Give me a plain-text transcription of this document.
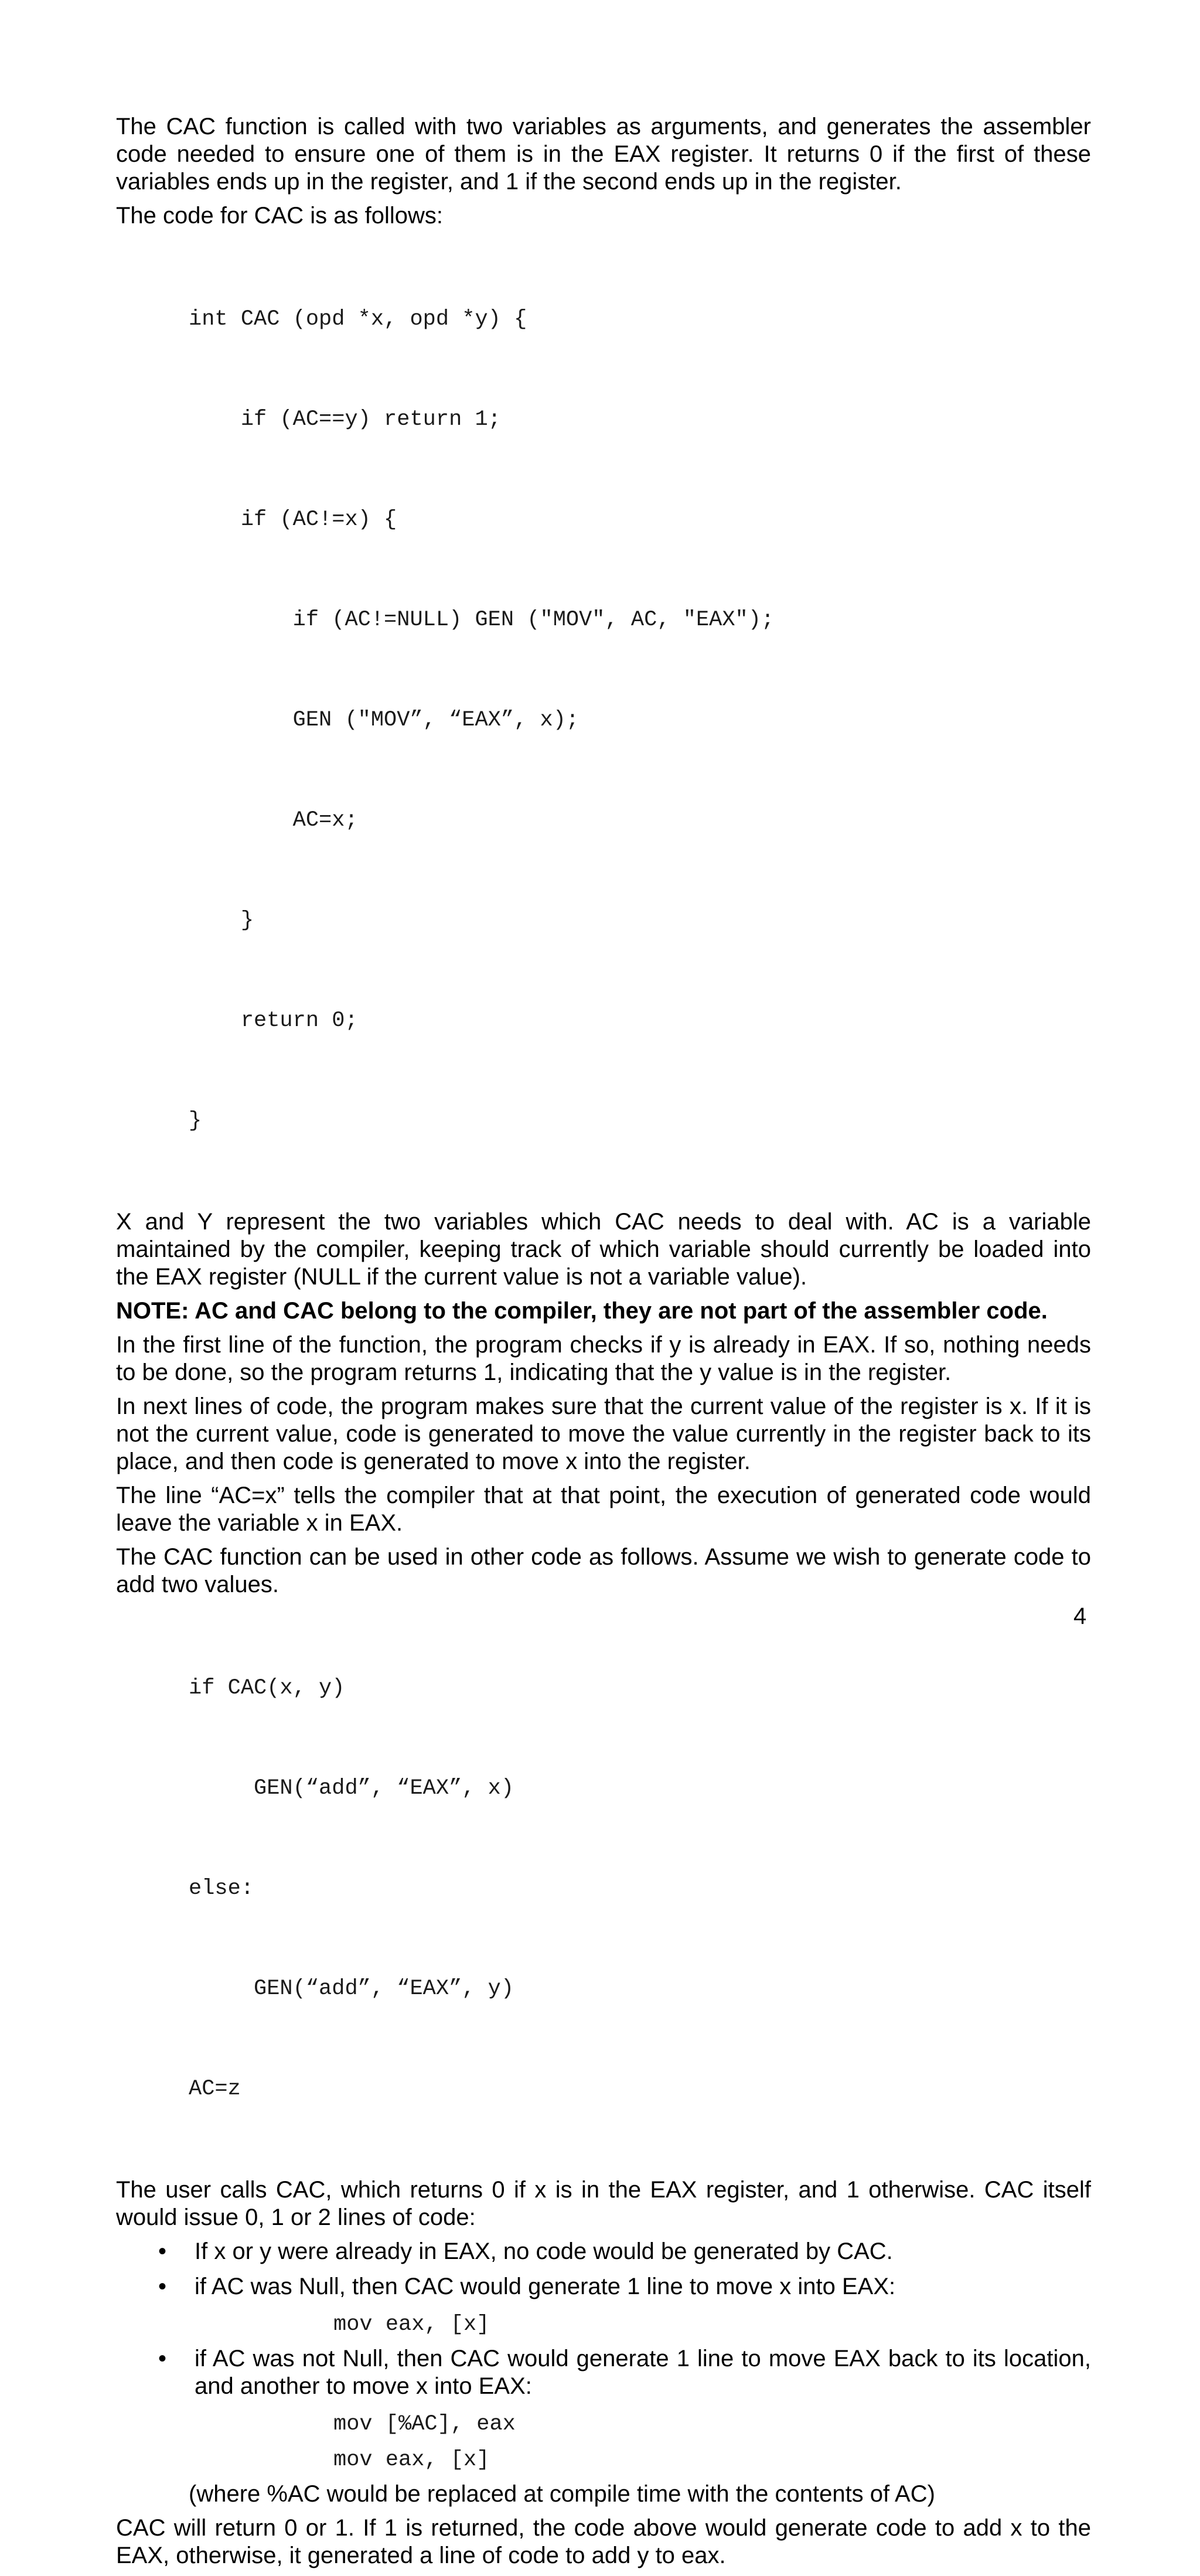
The CAC function is called with two variables as arguments, and generates the assembler code needed to ensure one of them is in the EAX register. It returns 0 if the first of these variables ends up in the register, and 1 if the second ends up in the register.

The code for CAC is as follows:

int CAC (opd *x, opd *y) {

if (AC==y) return 1;

if (AC!=x) {

if (AC!=NULL) GEN ("MOV", AC, "EAX");

GEN ("MOV”, “EAX”, x);

AC=x;

}

return 0;

}

X and Y represent the two variables which CAC needs to deal with. AC is a variable maintained by the compiler, keeping track of which variable should currently be loaded into the EAX register (NULL if the current value is not a variable value).

NOTE: AC and CAC belong to the compiler, they are not part of the assembler code.

In the first line of the function, the program checks if y is already in EAX. If so, nothing needs to be done, so the program returns 1, indicating that the y value is in the register.

In next lines of code, the program makes sure that the current value of the register is x. If it is not the current value, code is generated to move the value currently in the register back to its place, and then code is generated to move x into the register.

The line “AC=x” tells the compiler that at that point, the execution of generated code would leave the variable x in EAX.

The CAC function can be used in other code as follows. Assume we wish to generate code to add two values.

if CAC(x, y)

GEN(“add”, “EAX”, x)

else:

GEN(“add”, “EAX”, y)

AC=z

The user calls CAC, which returns 0 if x is in the EAX register, and 1 otherwise. CAC itself would issue 0, 1 or 2 lines of code:

• If x or y were already in EAX, no code would be generated by CAC.
• if AC was Null, then CAC would generate 1 line to move x into EAX:
mov eax, [x]
• if AC was not Null, then CAC would generate 1 line to move EAX back to its location, and another to move x into EAX:
mov [%AC], eax
mov eax, [x]
(where %AC would be replaced at compile time with the contents of AC)

CAC will return 0 or 1. If 1 is returned, the code above would generate code to add x to the EAX, otherwise, it generated a line of code to add y to eax.

4
